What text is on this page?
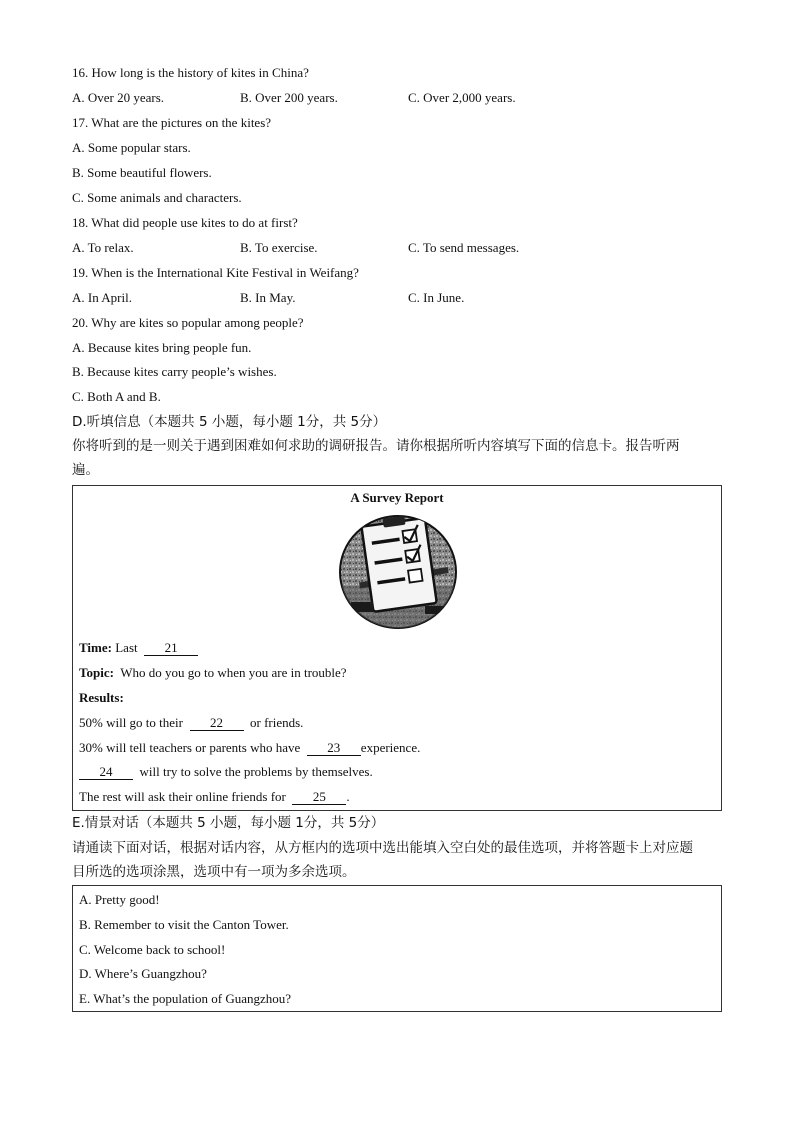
16. How long is the history of kites in China?
A. Over 20 years.	B. Over 200 years.	C. Over 2,000 years.
17. What are the pictures on the kites?
A. Some popular stars.
B. Some beautiful flowers.
C. Some animals and characters.
18. What did people use kites to do at first?
A. To relax.	B. To exercise.	C. To send messages.
19. When is the International Kite Festival in Weifang?
A. In April.	B. In May.	C. In June.
20. Why are kites so popular among people?
A. Because kites bring people fun.
B. Because kites carry people’s wishes.
C. Both A and B.
D.听填信息（本题共 5 小题，每小题 1分，共 5分）
你将听到的是一则关于遇到困难如何求助的调研报告。请你根据所听内容填写下面的信息卡。报告听两
遍。
A Survey Report
Time: Last 21
Topic: Who do you go to when you are in trouble?
Results:
50% will go to their 22 or friends.
30% will tell teachers or parents who have 23 experience.
24 will try to solve the problems by themselves.
The rest will ask their online friends for 25 .
E.情景对话（本题共 5 小题，每小题 1分，共 5分）
请通读下面对话，根据对话内容，从方框内的选项中选出能填入空白处的最佳选项，并将答题卡上对应题
目所选的选项涂黑，选项中有一项为多余选项。
A. Pretty good!
B. Remember to visit the Canton Tower.
C. Welcome back to school!
D. Where’s Guangzhou?
E. What’s the population of Guangzhou?
